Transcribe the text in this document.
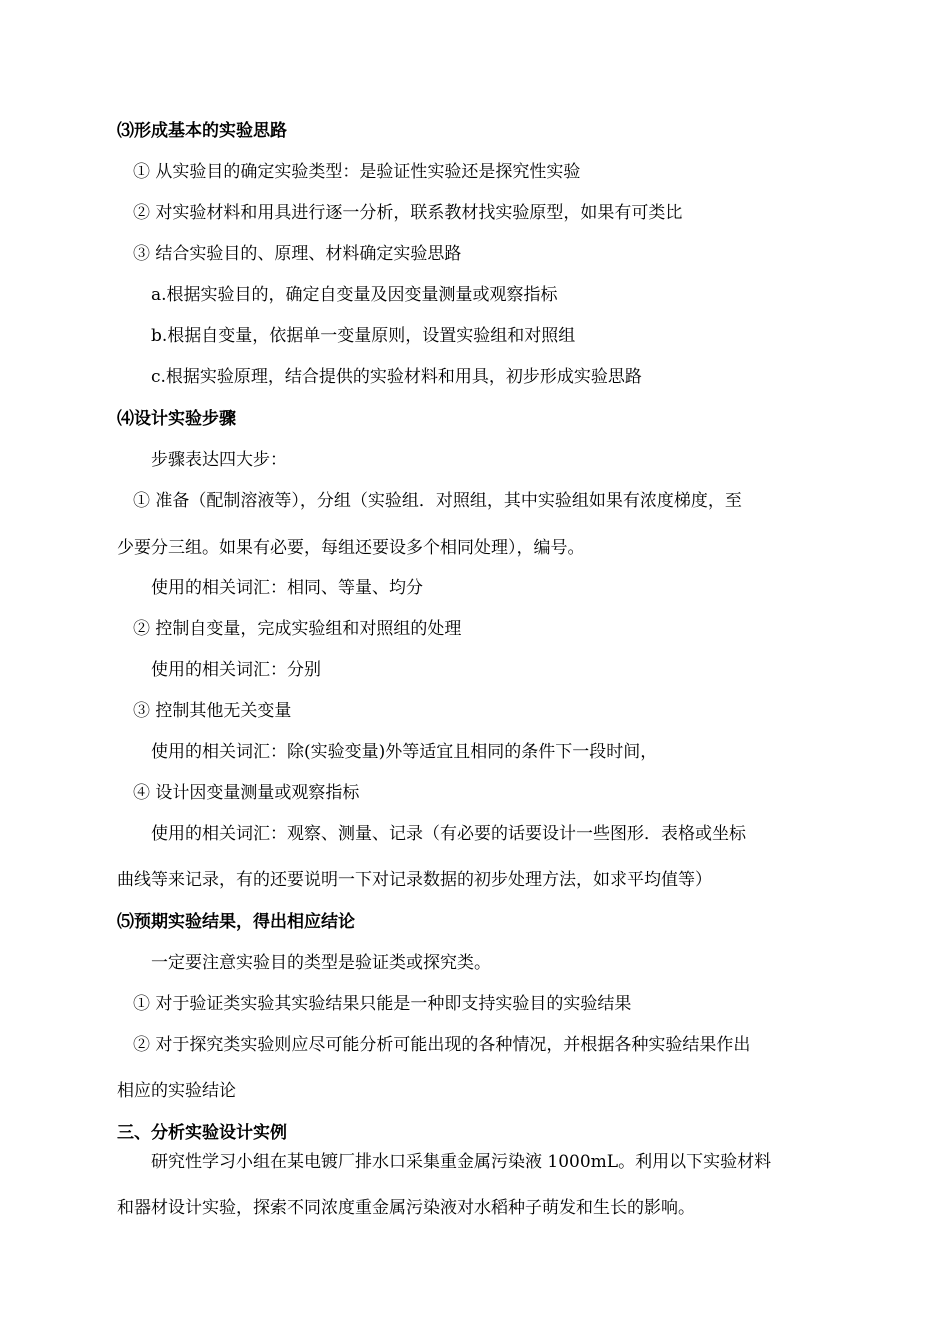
⑶形成基本的实验思路
① 从实验目的确定实验类型：是验证性实验还是探究性实验
② 对实验材料和用具进行逐一分析，联系教材找实验原型，如果有可类比
③ 结合实验目的、原理、材料确定实验思路
a.根据实验目的，确定自变量及因变量测量或观察指标
b.根据自变量，依据单一变量原则，设置实验组和对照组
c.根据实验原理，结合提供的实验材料和用具，初步形成实验思路
⑷设计实验步骤
步骤表达四大步：
① 准备（配制溶液等），分组（实验组．对照组，其中实验组如果有浓度梯度，至
少要分三组。如果有必要，每组还要设多个相同处理），编号。
使用的相关词汇：相同、等量、均分
② 控制自变量，完成实验组和对照组的处理
使用的相关词汇：分别
③ 控制其他无关变量
使用的相关词汇：除(实验变量)外等适宜且相同的条件下一段时间，
④ 设计因变量测量或观察指标
使用的相关词汇：观察、测量、记录（有必要的话要设计一些图形．表格或坐标
曲线等来记录，有的还要说明一下对记录数据的初步处理方法，如求平均值等）
⑸预期实验结果，得出相应结论
一定要注意实验目的类型是验证类或探究类。
① 对于验证类实验其实验结果只能是一种即支持实验目的实验结果
② 对于探究类实验则应尽可能分析可能出现的各种情况，并根据各种实验结果作出
相应的实验结论
三、分析实验设计实例
研究性学习小组在某电镀厂排水口采集重金属污染液 1000mL。利用以下实验材料
和器材设计实验，探索不同浓度重金属污染液对水稻种子萌发和生长的影响。
